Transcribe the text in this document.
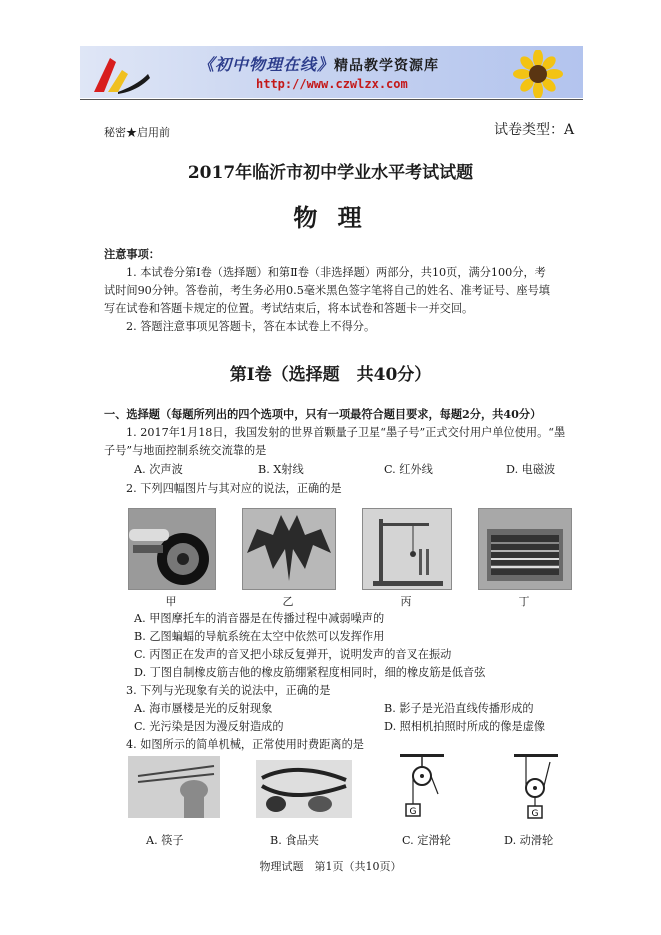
《初中物理在线》精品教学资源库
http://www.czwlzx.com
秘密★启用前	试卷类型：A
2017年临沂市初中学业水平考试试题
物 理
注意事项：
1. 本试卷分第Ⅰ卷（选择题）和第Ⅱ卷（非选择题）两部分，共10页，满分100分，考
试时间90分钟。答卷前，考生务必用0.5毫米黑色签字笔将自己的姓名、准考证号、座号填
写在试卷和答题卡规定的位置。考试结束后，将本试卷和答题卡一并交回。
2. 答题注意事项见答题卡，答在本试卷上不得分。
第Ⅰ卷（选择题　共40分）
一、选择题（每题所列出的四个选项中，只有一项最符合题目要求，每题2分，共40分）
1. 2017年1月18日，我国发射的世界首颗量子卫星“墨子号”正式交付用户单位使用。“墨
子号”与地面控制系统交流靠的是
A. 次声波	B. X射线	C. 红外线	D. 电磁波
2. 下列四幅图片与其对应的说法，正确的是
甲	乙	丙	丁
A. 甲图摩托车的消音器是在传播过程中减弱噪声的
B. 乙图蝙蝠的导航系统在太空中依然可以发挥作用
C. 丙图正在发声的音叉把小球反复弹开，说明发声的音叉在振动
D. 丁图自制橡皮筋吉他的橡皮筋绷紧程度相同时，细的橡皮筋是低音弦
3. 下列与光现象有关的说法中，正确的是
A. 海市蜃楼是光的反射现象	B. 影子是光沿直线传播形成的
C. 光污染是因为漫反射造成的	D. 照相机拍照时所成的像是虚像
4. 如图所示的简单机械，正常使用时费距离的是
G	G
A. 筷子	B. 食品夹	C. 定滑轮	D. 动滑轮
物理试题　第1页（共10页）
